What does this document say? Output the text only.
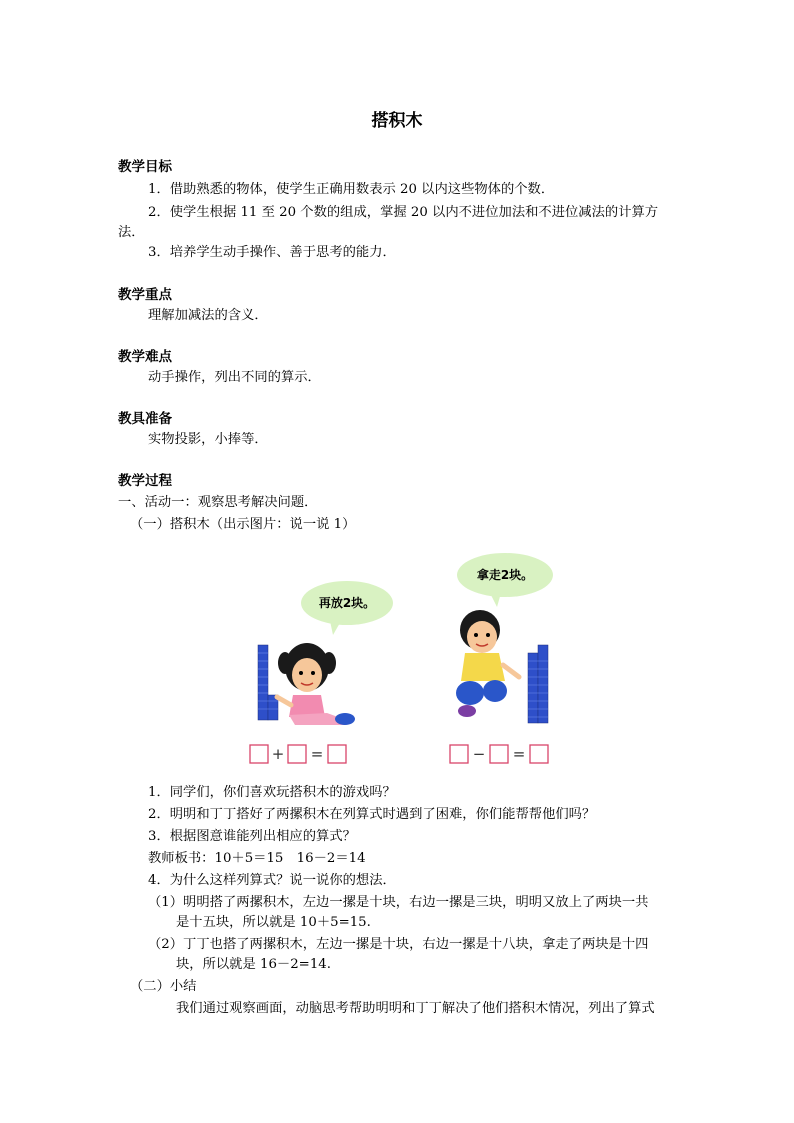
搭积木
教学目标
1．借助熟悉的物体，使学生正确用数表示 20 以内这些物体的个数．
2．使学生根据 11 至 20 个数的组成，掌握 20 以内不进位加法和不进位减法的计算方
法．
3．培养学生动手操作、善于思考的能力．
教学重点
理解加减法的含义．
教学难点
动手操作，列出不同的算示．
教具准备
实物投影，小捧等．
教学过程
一、活动一：观察思考解决问题．
（一）搭积木（出示图片：说一说 1）
再放2块。
拿走2块。
+ =	− =
1．同学们，你们喜欢玩搭积木的游戏吗？
2．明明和丁丁搭好了两摞积木在列算式时遇到了困难，你们能帮帮他们吗？
3．根据图意谁能列出相应的算式？
教师板书：10＋5＝15　16－2＝14
4．为什么这样列算式？说一说你的想法．
（1）明明搭了两摞积木，左边一摞是十块，右边一摞是三块，明明又放上了两块一共
是十五块，所以就是 10＋5=15.
（2）丁丁也搭了两摞积木，左边一摞是十块，右边一摞是十八块，拿走了两块是十四
块，所以就是 16－2=14.
（二）小结
我们通过观察画面，动脑思考帮助明明和丁丁解决了他们搭积木情况，列出了算式
